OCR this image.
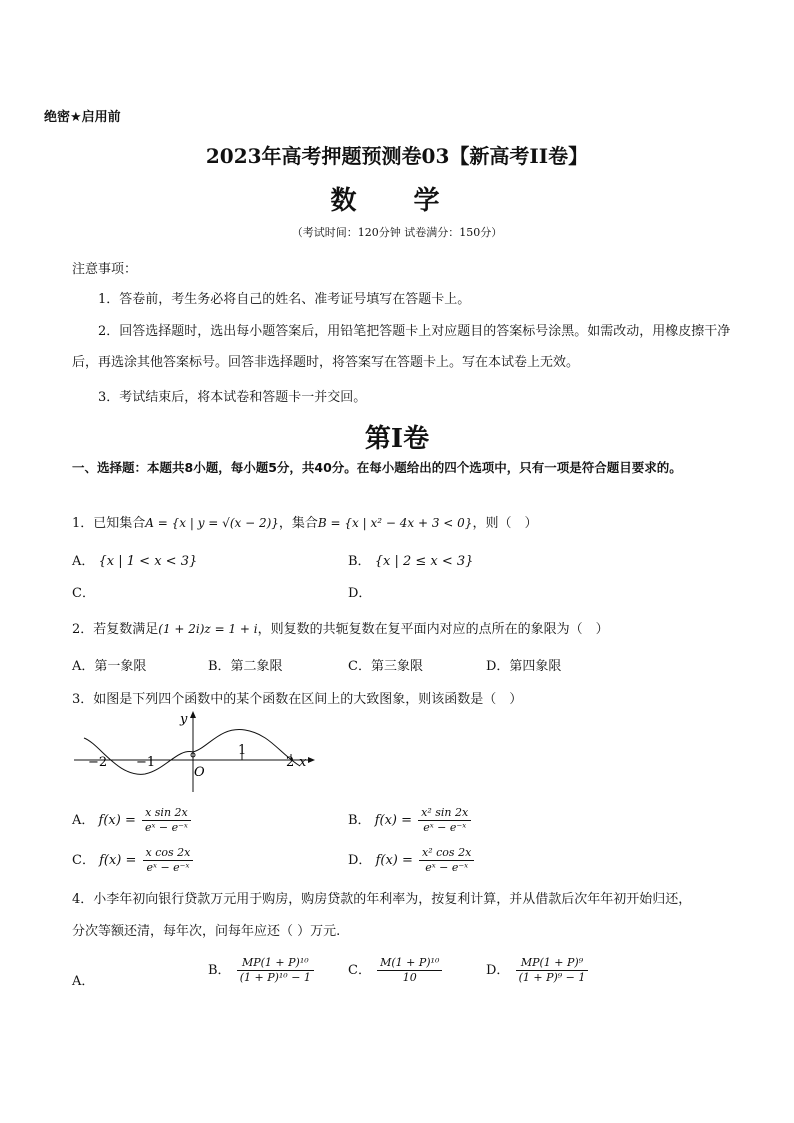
绝密★启用前
2023年高考押题预测卷03【新高考II卷】
数 学
（考试时间：120分钟 试卷满分：150分）
注意事项：
1．答卷前，考生务必将自己的姓名、准考证号填写在答题卡上。
2．回答选择题时，选出每小题答案后，用铅笔把答题卡上对应题目的答案标号涂黑。如需改动，用橡皮擦干净后，再选涂其他答案标号。回答非选择题时，将答案写在答题卡上。写在本试卷上无效。
3．考试结束后，将本试卷和答题卡一并交回。
第I卷
一、选择题：本题共8小题，每小题5分，共40分。在每小题给出的四个选项中，只有一项是符合题目要求的。
1．已知集合A = {x | y = √(x − 2)}，集合B = {x | x² − 4x + 3 < 0}，则（　）
A． {x | 1 < x < 3}	B． {x | 2 ≤ x < 3}
C．	D．
2．若复数满足(1 + 2i)z = 1 + i，则复数的共轭复数在复平面内对应的点所在的象限为（　）
A．第一象限	B．第二象限	C．第三象限	D．第四象限
3．如图是下列四个函数中的某个函数在区间上的大致图象，则该函数是（　）
y
x
O
−2 −1
1
2
A． $f(x) = \frac{\text{x sin 2x}}{\text{eˣ − e⁻ˣ}}$	B． $f(x) = \frac{\text{x² sin 2x}}{\text{eˣ − e⁻ˣ}}$
C． $f(x) = \frac{\text{x cos 2x}}{\text{eˣ − e⁻ˣ}}$	D． $f(x) = \frac{\text{x² cos 2x}}{\text{eˣ − e⁻ˣ}}$
4．小李年初向银行贷款万元用于购房，购房贷款的年利率为，按复利计算，并从借款后次年年初开始归还，
分次等额还清，每年次，问每年应还（ ）万元.
A．
B． $\frac{\text{MP(1 + P)¹⁰}}{\text{(1 + P)¹⁰ − 1}}$	C． $\frac{\text{M(1 + P)¹⁰}}{10}$	D． $\frac{\text{MP(1 + P)⁹}}{\text{(1 + P)⁹ − 1}}$
